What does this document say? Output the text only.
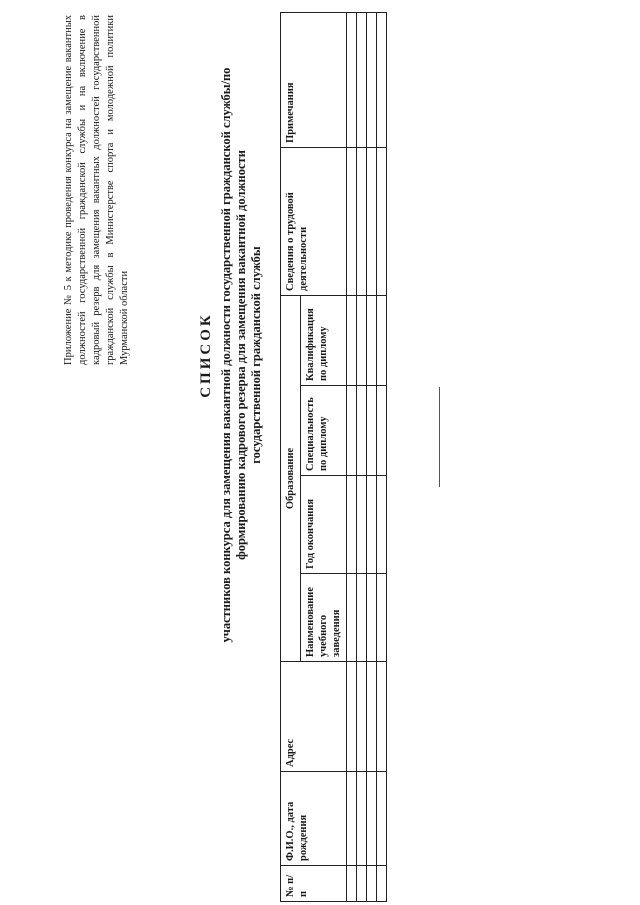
Приложение № 5 к методике проведения конкурса на замещение вакантных должностей государственной гражданской службы и на включение в кадровый резерв для замещения вакантных должностей государственной гражданской службы в Министерстве спорта и молодежной политики Мурманской области	СПИСОК участников конкурса для замещения вакантной должности государственной гражданской службы/по формированию кадрового резерва для замещения вакантной должности государственной гражданской службы
№ п/п	Ф.И.О., дата рождения	Адрес	Образование				Сведения о трудовой деятельности	Примечания
			Наименование учебного заведения	Год окончания	Специальность по диплому	Квалификация по диплому		
